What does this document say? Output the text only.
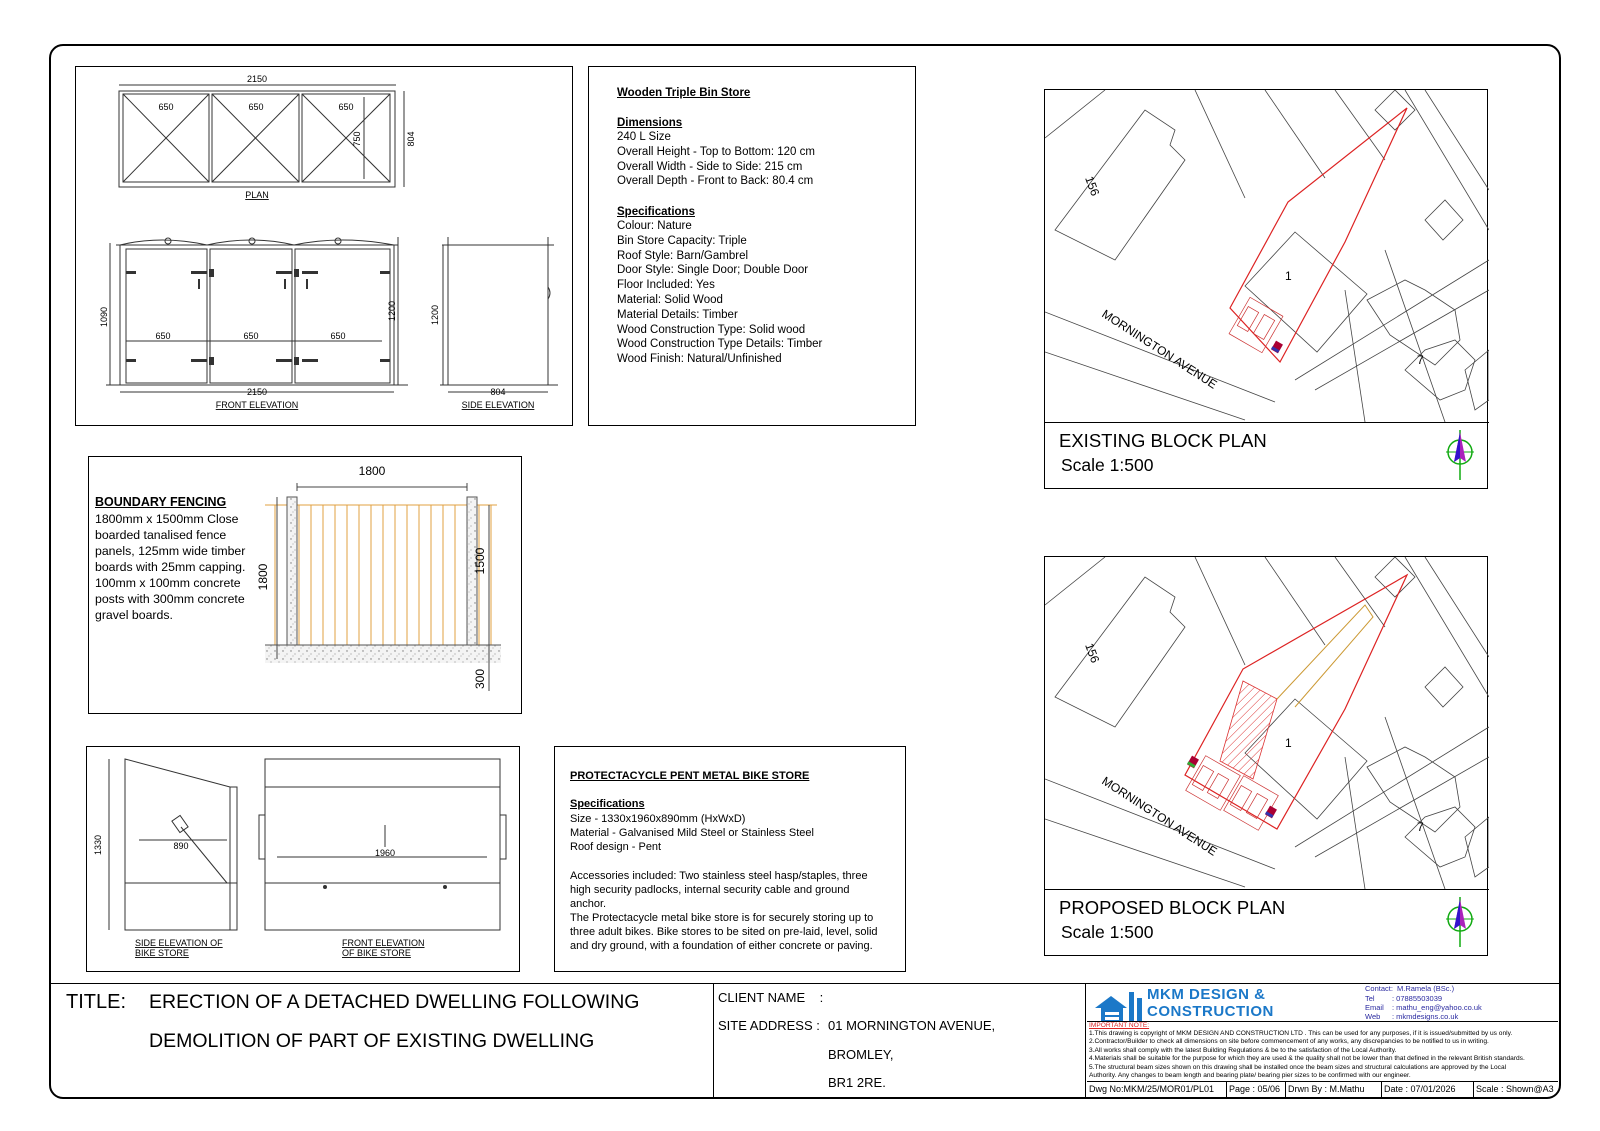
2150
650	650	650
750	804
PLAN
1090	1200
650	650	650
2150
FRONT ELEVATION
1200
804
SIDE ELEVATION
Wooden Triple Bin Store
Dimensions
240 L Size
Overall Height - Top to Bottom: 120 cm
Overall Width - Side to Side: 215 cm
Overall Depth - Front to Back: 80.4 cm
Specifications
Colour: Nature
Bin Store Capacity: Triple
Roof Style: Barn/Gambrel
Door Style: Single Door; Double Door
Floor Included: Yes
Material: Solid Wood
Material Details: Timber
Wood Construction Type: Solid wood
Wood Construction Type Details: Timber
Wood Finish: Natural/Unfinished
BOUNDARY FENCING
1800mm x 1500mm Close
boarded tanalised fence
panels, 125mm wide timber
boards with 25mm capping.
100mm x 100mm concrete
posts with 300mm concrete
gravel boards.
1800
1800
1500
300
1330	890
1960
SIDE ELEVATION OF
BIKE STORE
FRONT ELEVATION
OF BIKE STORE
PROTECTACYCLE PENT METAL BIKE STORE
Specifications
Size - 1330x1960x890mm (HxWxD)
Material - Galvanised Mild Steel or Stainless Steel
Roof design - Pent
Accessories included: Two stainless steel hasp/staples, three
high security padlocks, internal security cable and ground
anchor.
The Protectacycle metal bike store is for securely storing up to
three adult bikes. Bike stores to be sited on pre-laid, level, solid
and dry ground, with a foundation of either concrete or paving.
MORNINGTON AVENUE
156
1
7
EXISTING BLOCK PLAN
Scale 1:500
MORNINGTON AVENUE
156
1
7
PROPOSED BLOCK PLAN
Scale 1:500
TITLE: ERECTION OF A DETACHED DWELLING FOLLOWING
DEMOLITION OF PART OF EXISTING DWELLING
CLIENT NAME    :
SITE ADDRESS : 01 MORNINGTON AVENUE,
BROMLEY,
BR1 2RE.
MKM DESIGN &
CONSTRUCTION
Contact: M.Ramela (BSc.)
Tel : 07885503039
Email : mathu_eng@yahoo.co.uk
Web : mkmdesigns.co.uk
IMPORTANT NOTE:
1.This drawing is copyright of MKM DESIGN AND CONSTRUCTION LTD . This can be used for any purposes, if it is issued/submitted by us only.
2.Contractor/Builder to check all dimensions on site before commencement of any works, any discrepancies to be notified to us in writing.
3.All works shall comply with the latest Building Regulations & be to the satisfaction of the Local Authority.
4.Materials shall be suitable for the purpose for which they are used & the quality shall not be lower than that defined in the relevant British standards.
5.The structural beam sizes shown on this drawing shall be installed once the beam sizes and structural calculations are approved by the Local
Authority. Any changes to beam length and bearing plate/ bearing pier sizes to be confirmed with our engineer.
Dwg No:MKM/25/MOR01/PL01 Page : 05/06 Drwn By : M.Mathu Date : 07/01/2026 Scale : Shown@A3
